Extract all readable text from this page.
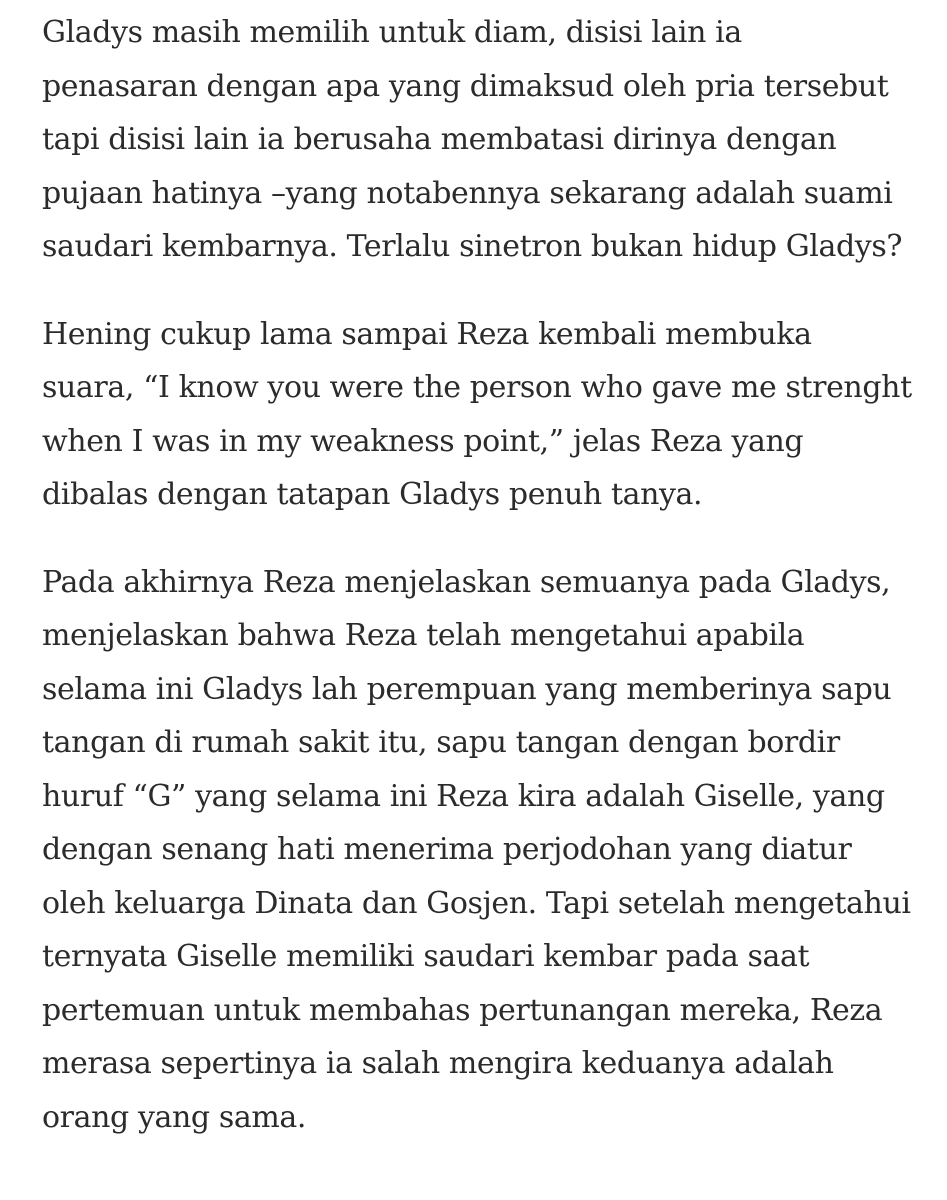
Gladys masih memilih untuk diam, disisi lain ia
penasaran dengan apa yang dimaksud oleh pria tersebut
tapi disisi lain ia berusaha membatasi dirinya dengan
pujaan hatinya –yang notabennya sekarang adalah suami
saudari kembarnya. Terlalu sinetron bukan hidup Gladys?

Hening cukup lama sampai Reza kembali membuka
suara, “I know you were the person who gave me strenght
when I was in my weakness point,” jelas Reza yang
dibalas dengan tatapan Gladys penuh tanya.

Pada akhirnya Reza menjelaskan semuanya pada Gladys,
menjelaskan bahwa Reza telah mengetahui apabila
selama ini Gladys lah perempuan yang memberinya sapu
tangan di rumah sakit itu, sapu tangan dengan bordir
huruf “G” yang selama ini Reza kira adalah Giselle, yang
dengan senang hati menerima perjodohan yang diatur
oleh keluarga Dinata dan Gosjen. Tapi setelah mengetahui
ternyata Giselle memiliki saudari kembar pada saat
pertemuan untuk membahas pertunangan mereka, Reza
merasa sepertinya ia salah mengira keduanya adalah
orang yang sama.
